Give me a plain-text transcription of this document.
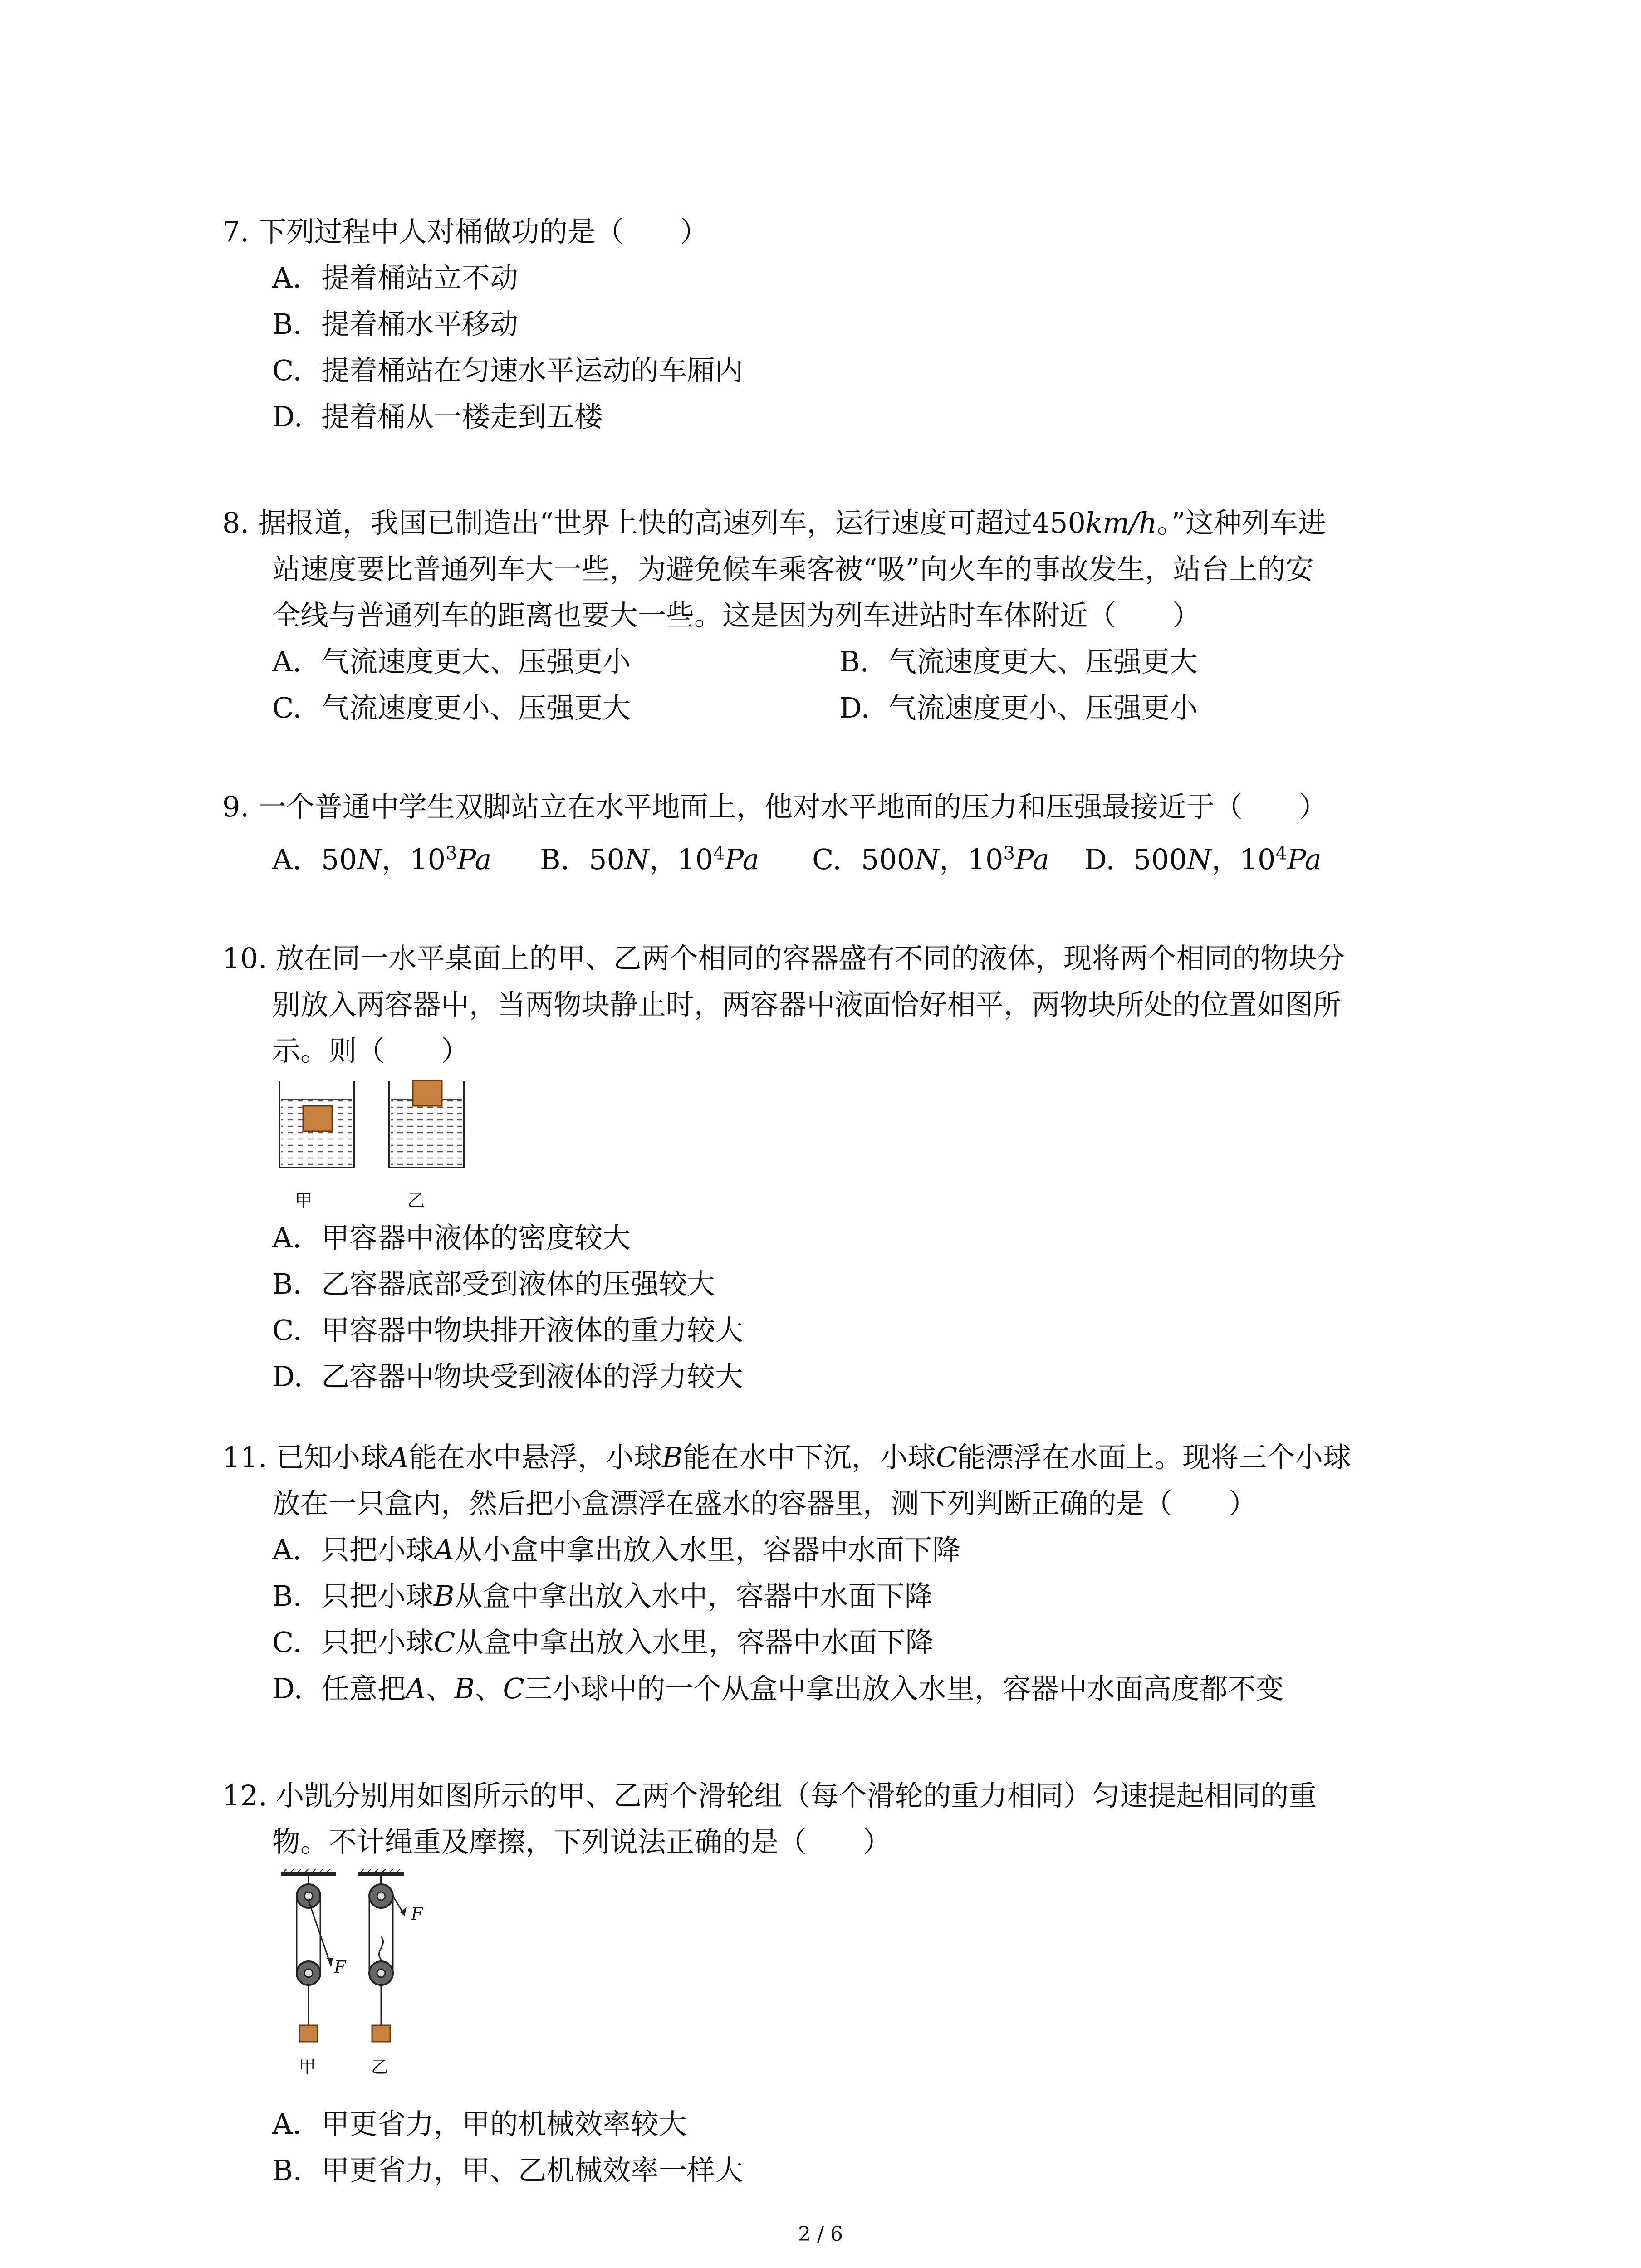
7. 下列过程中人对桶做功的是（　　）
A. 提着桶站立不动
B. 提着桶水平移动
C. 提着桶站在匀速水平运动的车厢内
D. 提着桶从一楼走到五楼
8. 据报道，我国已制造出“世界上快的高速列车，运行速度可超过450km/h。”这种列车进
站速度要比普通列车大一些，为避免候车乘客被“吸”向火车的事故发生，站台上的安
全线与普通列车的距离也要大一些。这是因为列车进站时车体附近（　　）
A. 气流速度更大、压强更小	B. 气流速度更大、压强更大
C. 气流速度更小、压强更大	D. 气流速度更小、压强更小
9. 一个普通中学生双脚站立在水平地面上，他对水平地面的压力和压强最接近于（　　）
A. 50N，$10^3Pa$ B. 50N，$10^4Pa$ C. 500N，$10^3Pa$ D. 500N，$10^4Pa$
10. 放在同一水平桌面上的甲、乙两个相同的容器盛有不同的液体，现将两个相同的物块分
别放入两容器中，当两物块静止时，两容器中液面恰好相平，两物块所处的位置如图所
示。则（　　）
甲	乙
A. 甲容器中液体的密度较大
B. 乙容器底部受到液体的压强较大
C. 甲容器中物块排开液体的重力较大
D. 乙容器中物块受到液体的浮力较大
11. 已知小球A能在水中悬浮，小球B能在水中下沉，小球C能漂浮在水面上。现将三个小球
放在一只盒内，然后把小盒漂浮在盛水的容器里，测下列判断正确的是（　　）
A. 只把小球A从小盒中拿出放入水里，容器中水面下降
B. 只把小球B从盒中拿出放入水中，容器中水面下降
C. 只把小球C从盒中拿出放入水里，容器中水面下降
D. 任意把A、B、C三小球中的一个从盒中拿出放入水里，容器中水面高度都不变
12. 小凯分别用如图所示的甲、乙两个滑轮组（每个滑轮的重力相同）匀速提起相同的重
物。不计绳重及摩擦，下列说法正确的是（　　）
F
F
甲	乙
A. 甲更省力，甲的机械效率较大
B. 甲更省力，甲、乙机械效率一样大
2 / 6
